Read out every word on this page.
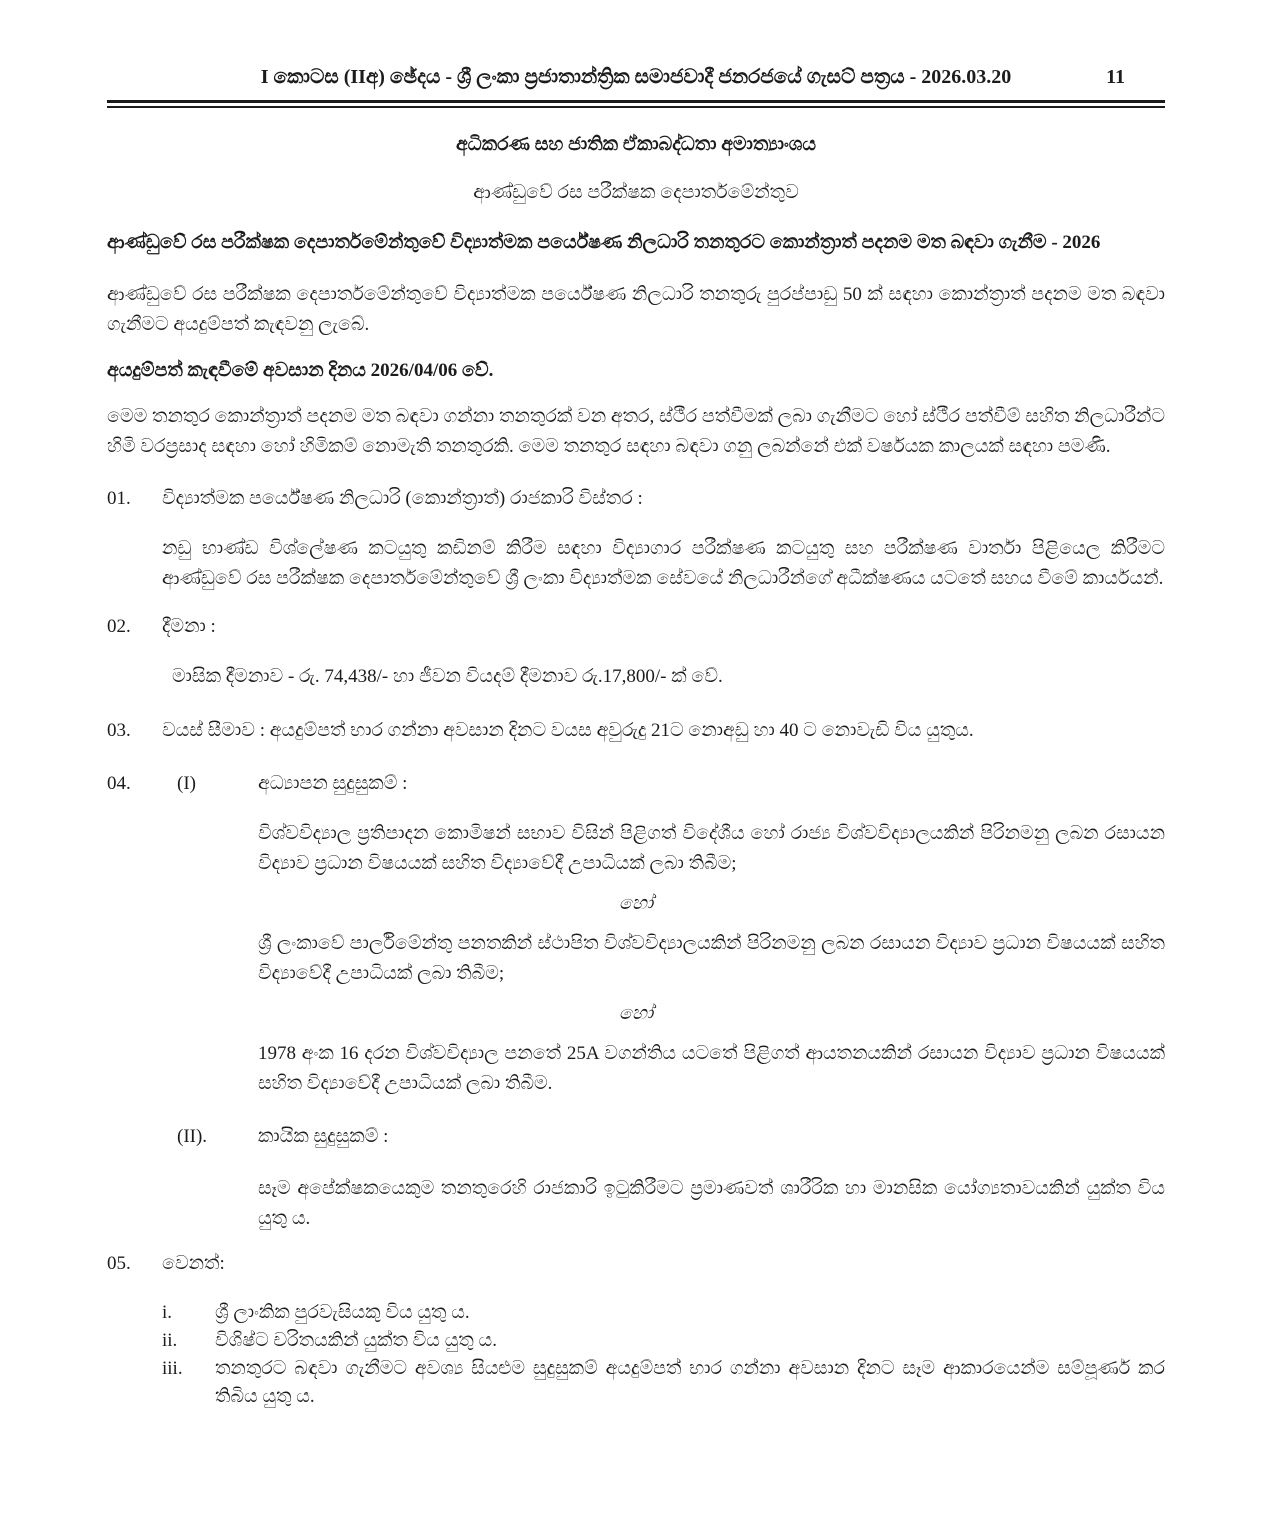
I කොටස (IIඅ) ඡේදය - ශ්‍රී ලංකා ප්‍රජාතාන්ත්‍රික සමාජවාදී ජනරජයේ ගැසට් පත්‍රය - 2026.03.20	11
අධිකරණ සහ ජාතික ඒකාබද්ධතා අමාත්‍යාංශය
ආණ්ඩුවේ රස පරීක්ෂක දෙපාර්තමේන්තුව
ආණ්ඩුවේ රස පරීක්ෂක දෙපාර්තමේන්තුවේ විද්‍යාත්මක පර්යේෂණ නිලධාරි තනතුරට කොන්ත්‍රාත් පදනම මත බඳවා ගැනීම - 2026
ආණ්ඩුවේ රස පරීක්ෂක දෙපාර්තමේන්තුවේ විද්‍යාත්මක පර්යේෂණ නිලධාරි තනතුරු පුරප්පාඩු 50 ක් සඳහා කොන්ත්‍රාත් පදනම මත බඳවා ගැනීමට අයදුම්පත් කැඳවනු ලැබේ.
අයදුම්පත් කැඳවීමේ අවසාන දිනය 2026/04/06 වේ.
මෙම තනතුර කොන්ත්‍රාත් පදනම මත බඳවා ගන්නා තනතුරක් වන අතර, ස්ථීර පත්වීමක් ලබා ගැනීමට හෝ ස්ථීර පත්වීම් සහිත නිලධාරීන්ට හිමි වරප්‍රසාද සඳහා හෝ හිමිකම් නොමැති තනතුරකි. මෙම තනතුර සඳහා බඳවා ගනු ලබන්නේ එක් වර්ෂයක කාලයක් සඳහා පමණි.
01.	විද්‍යාත්මක පර්යේෂණ නිලධාරි (කොන්ත්‍රාත්) රාජකාරි විස්තර :
නඩු භාණ්ඩ විශ්ලේෂණ කටයුතු කඩිනම් කිරීම සඳහා විද්‍යාගාර පරීක්ෂණ කටයුතු සහ පරීක්ෂණ වාර්තා පිළියෙල කිරීමට ආණ්ඩුවේ රස පරීක්ෂක දෙපාර්තමේන්තුවේ ශ්‍රී ලංකා විද්‍යාත්මක සේවයේ නිලධාරීන්ගේ අධීක්ෂණය යටතේ සහය වීමේ කාර්යයන්.
02.	දීමනා :
මාසික දීමනාව - රු. 74,438/- හා ජීවන වියදම් දීමනාව රු.17,800/- ක් වේ.
03.	වයස් සීමාව : අයදුම්පත් භාර ගන්නා අවසාන දිනට වයස අවුරුදු 21ට නොඅඩු හා 40 ට නොවැඩි විය යුතුය.
04.	(I)	අධ්‍යාපන සුදුසුකම් :
විශ්වවිද්‍යාල ප්‍රතිපාදන කොමිෂන් සභාව විසින් පිළිගත් විදේශීය හෝ රාජ්‍ය විශ්වවිද්‍යාලයකින් පිරිනමනු ලබන රසායන විද්‍යාව ප්‍රධාන විෂයයක් සහිත විද්‍යාවේදී උපාධියක් ලබා තිබීම;
හෝ
ශ්‍රී ලංකාවේ පාර්ලිමේන්තු පනතකින් ස්ථාපිත විශ්වවිද්‍යාලයකින් පිරිනමනු ලබන රසායන විද්‍යාව ප්‍රධාන විෂයයක් සහිත විද්‍යාවේදී උපාධියක් ලබා තිබීම;
හෝ
1978 අංක 16 දරන විශ්වවිද්‍යාල පනතේ 25A වගන්තිය යටතේ පිළිගත් ආයතනයකින් රසායන විද්‍යාව ප්‍රධාන විෂයයක් සහිත විද්‍යාවේදී උපාධියක් ලබා තිබීම.
(II).	කායික සුදුසුකම් :
සෑම අපේක්ෂකයෙකුම තනතුරෙහි රාජකාරි ඉටුකිරීමට ප්‍රමාණවත් ශාරීරික හා මානසික යෝග්‍යතාවයකින් යුක්ත විය යුතු ය.
05.	වෙනත්:
i.	ශ්‍රී ලාංකික පුරවැසියකු විය යුතු ය.
ii.	විශිෂ්ට චරිතයකින් යුක්ත විය යුතු ය.
iii.	තනතුරට බඳවා ගැනීමට අවශ්‍ය සියළුම සුදුසුකම් අයදුම්පත් භාර ගන්නා අවසාන දිනට සෑම ආකාරයෙන්ම සම්පූර්ණ කර තිබිය යුතු ය.
